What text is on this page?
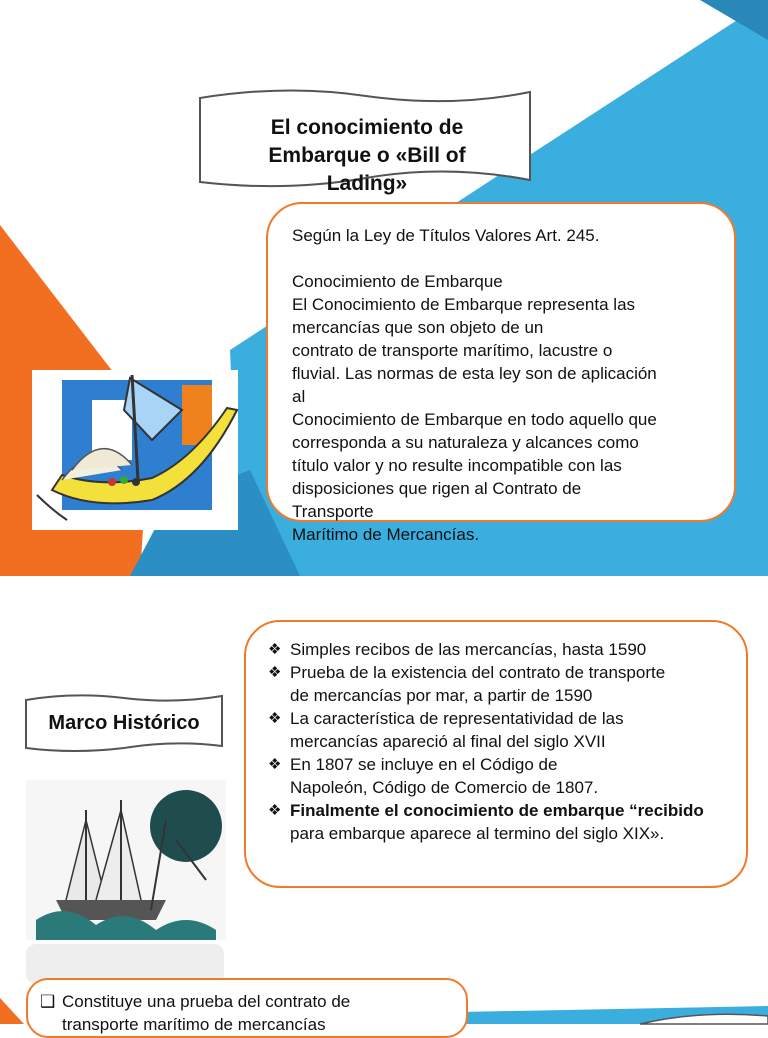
El conocimiento de
Embarque o «Bill of
Lading»

Según la Ley de Títulos Valores Art. 245.

Conocimiento de Embarque

El Conocimiento de Embarque representa las

mercancías que son objeto de un

contrato de transporte marítimo, lacustre o

fluvial. Las normas de esta ley son de aplicación

al

Conocimiento de Embarque en todo aquello que

corresponda a su naturaleza y alcances como

título valor y no resulte incompatible con las

disposiciones que rigen al Contrato de

Transporte

Marítimo de Mercancías.

Marco Histórico
❖ Simples recibos de las mercancías, hasta 1590
❖ Prueba de la existencia del contrato de transporte
de mercancías por mar, a partir de 1590
❖ La característica de representatividad de las
mercancías apareció al final del siglo XVII
❖ En 1807 se incluye en el Código de
Napoleón, Código de Comercio de 1807.
❖ Finalmente el conocimiento de embarque “recibido
para embarque aparece al termino del siglo XIX».
❑ Constituye una prueba del contrato de
transporte marítimo de mercancías
